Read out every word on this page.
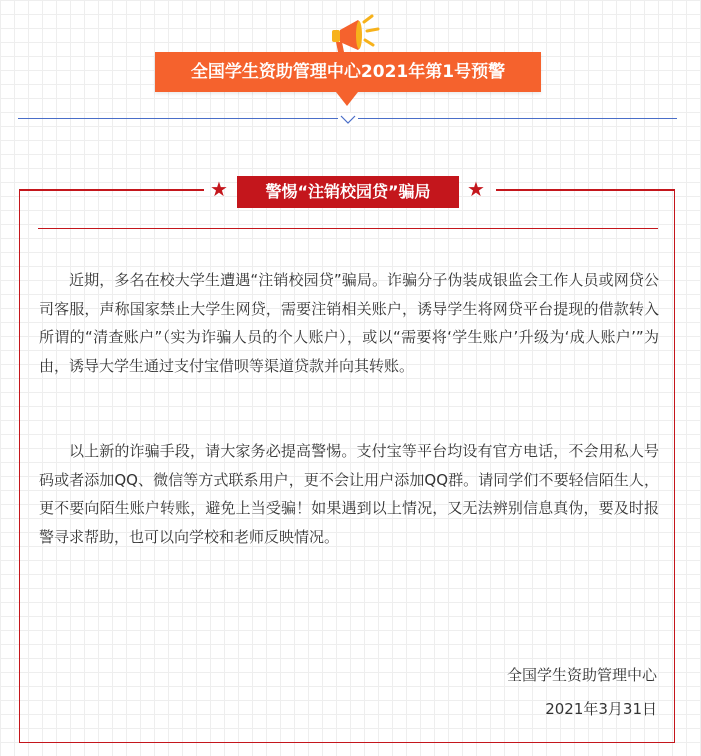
全国学生资助管理中心2021年第1号预警
★	警惕“注销校园贷”骗局	★

近期，多名在校大学生遭遇“注销校园贷”骗局。诈骗分子伪装成银监会工作人员或网贷公司客服，声称国家禁止大学生网贷，需要注销相关账户，诱导学生将网贷平台提现的借款转入所谓的“清查账户”（实为诈骗人员的个人账户），或以“需要将‘学生账户’升级为‘成人账户’”为由，诱导大学生通过支付宝借呗等渠道贷款并向其转账。

以上新的诈骗手段，请大家务必提高警惕。支付宝等平台均设有官方电话，不会用私人号码或者添加QQ、微信等方式联系用户，更不会让用户添加QQ群。请同学们不要轻信陌生人，更不要向陌生账户转账，避免上当受骗！如果遇到以上情况，又无法辨别信息真伪，要及时报警寻求帮助，也可以向学校和老师反映情况。

全国学生资助管理中心
2021年3月31日
